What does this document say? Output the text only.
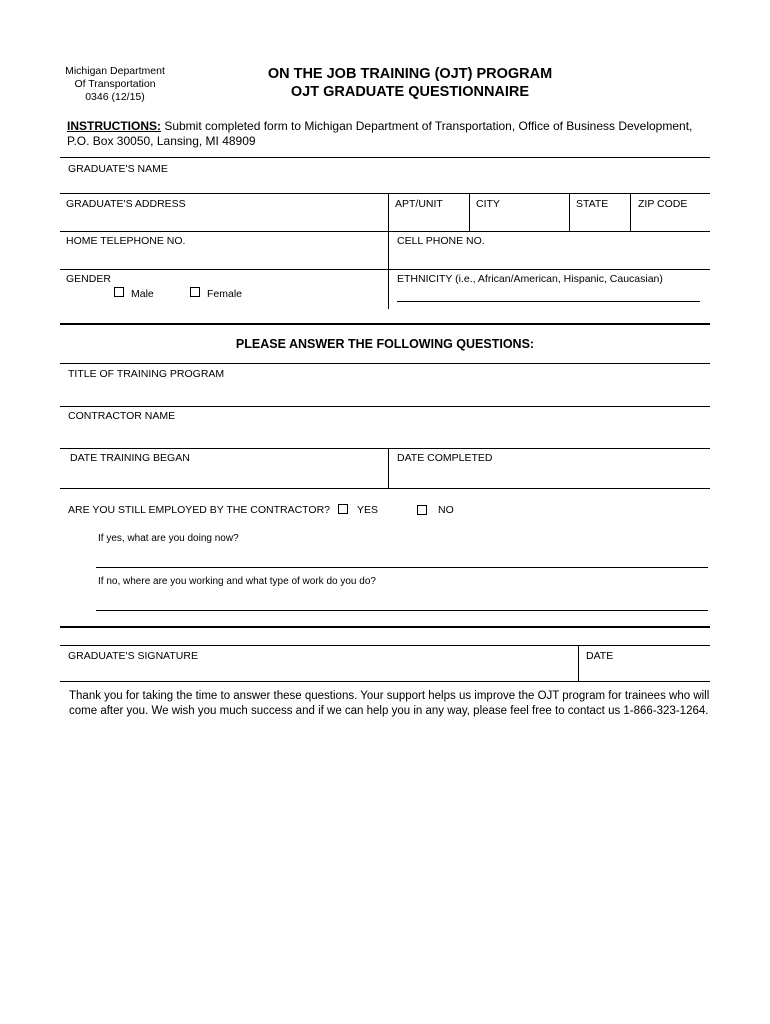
Michigan Department
Of Transportation
0346 (12/15)
ON THE JOB TRAINING (OJT) PROGRAM
OJT GRADUATE QUESTIONNAIRE
INSTRUCTIONS: Submit completed form to Michigan Department of Transportation, Office of Business Development, P.O. Box 30050, Lansing, MI 48909
GRADUATE'S NAME
GRADUATE'S ADDRESS	APT/UNIT	CITY	STATE	ZIP CODE
HOME TELEPHONE NO.	CELL PHONE NO.
GENDER
Male	Female
ETHNICITY (i.e., African/American, Hispanic, Caucasian)
PLEASE ANSWER THE FOLLOWING QUESTIONS:
TITLE OF TRAINING PROGRAM
CONTRACTOR NAME
DATE TRAINING BEGAN	DATE COMPLETED
ARE YOU STILL EMPLOYED BY THE CONTRACTOR?	YES	NO
If yes, what are you doing now?
If no, where are you working and what type of work do you do?
GRADUATE'S SIGNATURE	DATE
Thank you for taking the time to answer these questions. Your support helps us improve the OJT program for trainees who will come after you. We wish you much success and if we can help you in any way, please feel free to contact us 1-866-323-1264.
